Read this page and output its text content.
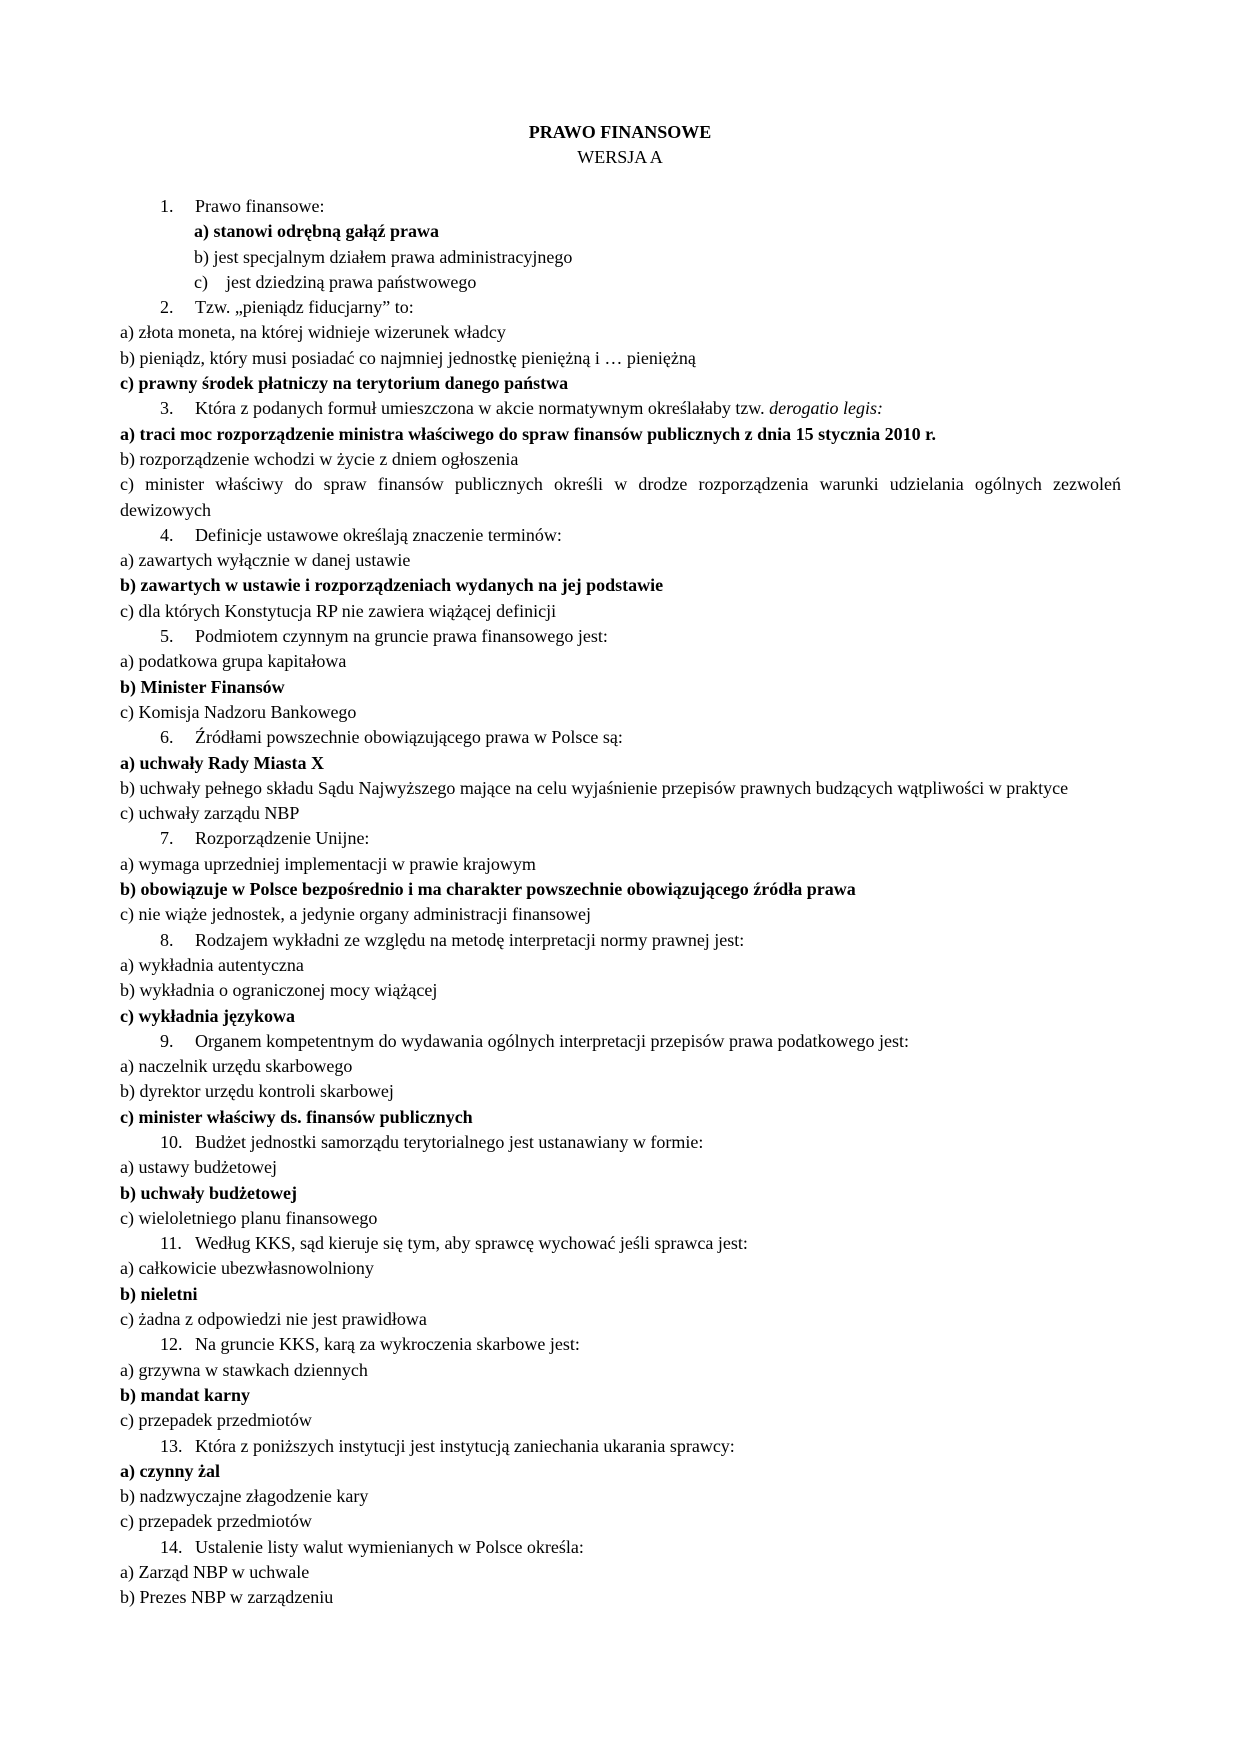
PRAWO FINANSOWE
WERSJA A
1. Prawo finansowe:
a) stanowi odrębną gałąź prawa
b) jest specjalnym działem prawa administracyjnego
c) jest dziedziną prawa państwowego
2. Tzw. „pieniądz fiducjarny” to:
a) złota moneta, na której widnieje wizerunek władcy
b) pieniądz, który musi posiadać co najmniej jednostkę pieniężną i … pieniężną
c) prawny środek płatniczy na terytorium danego państwa
3. Która z podanych formuł umieszczona w akcie normatywnym określałaby tzw. derogatio legis:
a) traci moc rozporządzenie ministra właściwego do spraw finansów publicznych z dnia 15 stycznia 2010 r.
b) rozporządzenie wchodzi w życie z dniem ogłoszenia
c) minister właściwy do spraw finansów publicznych określi w drodze rozporządzenia warunki udzielania ogólnych zezwoleń dewizowych
4. Definicje ustawowe określają znaczenie terminów:
a) zawartych wyłącznie w danej ustawie
b) zawartych w ustawie i rozporządzeniach wydanych na jej podstawie
c) dla których Konstytucja RP nie zawiera wiążącej definicji
5. Podmiotem czynnym na gruncie prawa finansowego jest:
a) podatkowa grupa kapitałowa
b) Minister Finansów
c) Komisja Nadzoru Bankowego
6. Źródłami powszechnie obowiązującego prawa w Polsce są:
a) uchwały Rady Miasta X
b) uchwały pełnego składu Sądu Najwyższego mające na celu wyjaśnienie przepisów prawnych budzących wątpliwości w praktyce
c) uchwały zarządu NBP
7. Rozporządzenie Unijne:
a) wymaga uprzedniej implementacji w prawie krajowym
b) obowiązuje w Polsce bezpośrednio i ma charakter powszechnie obowiązującego źródła prawa
c) nie wiąże jednostek, a jedynie organy administracji finansowej
8. Rodzajem wykładni ze względu na metodę interpretacji normy prawnej jest:
a) wykładnia autentyczna
b) wykładnia o ograniczonej mocy wiążącej
c) wykładnia językowa
9. Organem kompetentnym do wydawania ogólnych interpretacji przepisów prawa podatkowego jest:
a) naczelnik urzędu skarbowego
b) dyrektor urzędu kontroli skarbowej
c) minister właściwy ds. finansów publicznych
10. Budżet jednostki samorządu terytorialnego jest ustanawiany w formie:
a) ustawy budżetowej
b) uchwały budżetowej
c) wieloletniego planu finansowego
11. Według KKS, sąd kieruje się tym, aby sprawcę wychować jeśli sprawca jest:
a) całkowicie ubezwłasnowolniony
b) nieletni
c) żadna z odpowiedzi nie jest prawidłowa
12. Na gruncie KKS, karą za wykroczenia skarbowe jest:
a) grzywna w stawkach dziennych
b) mandat karny
c) przepadek przedmiotów
13. Która z poniższych instytucji jest instytucją zaniechania ukarania sprawcy:
a) czynny żal
b) nadzwyczajne złagodzenie kary
c) przepadek przedmiotów
14. Ustalenie listy walut wymienianych w Polsce określa:
a) Zarząd NBP w uchwale
b) Prezes NBP w zarządzeniu
